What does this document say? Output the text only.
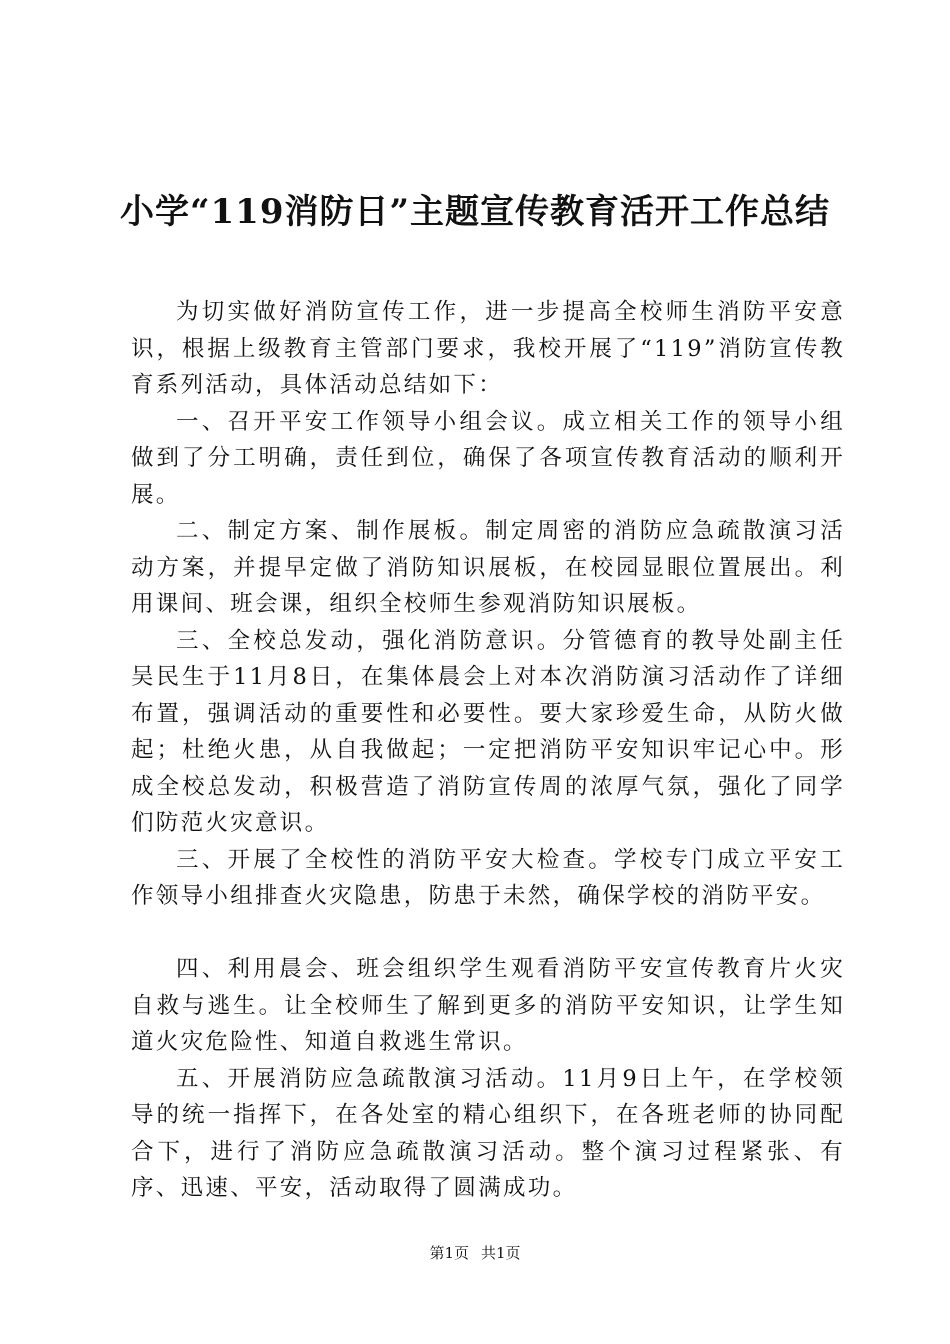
小学“119消防日”主题宣传教育活开工作总结

为切实做好消防宣传工作，进一步提高全校师生消防平安意识，根据上级教育主管部门要求，我校开展了“119”消防宣传教育系列活动，具体活动总结如下：

一、召开平安工作领导小组会议。成立相关工作的领导小组做到了分工明确，责任到位，确保了各项宣传教育活动的顺利开展。

二、制定方案、制作展板。制定周密的消防应急疏散演习活动方案，并提早定做了消防知识展板，在校园显眼位置展出。利用课间、班会课，组织全校师生参观消防知识展板。

三、全校总发动，强化消防意识。分管德育的教导处副主任吴民生于11月8日，在集体晨会上对本次消防演习活动作了详细布置，强调活动的重要性和必要性。要大家珍爱生命，从防火做起；杜绝火患，从自我做起；一定把消防平安知识牢记心中。形成全校总发动，积极营造了消防宣传周的浓厚气氛，强化了同学们防范火灾意识。

三、开展了全校性的消防平安大检查。学校专门成立平安工作领导小组排查火灾隐患，防患于未然，确保学校的消防平安。

四、利用晨会、班会组织学生观看消防平安宣传教育片火灾自救与逃生。让全校师生了解到更多的消防平安知识，让学生知道火灾危险性、知道自救逃生常识。

五、开展消防应急疏散演习活动。11月9日上午，在学校领导的统一指挥下，在各处室的精心组织下，在各班老师的协同配合下，进行了消防应急疏散演习活动。整个演习过程紧张、有序、迅速、平安，活动取得了圆满成功。

第1页 共1页
